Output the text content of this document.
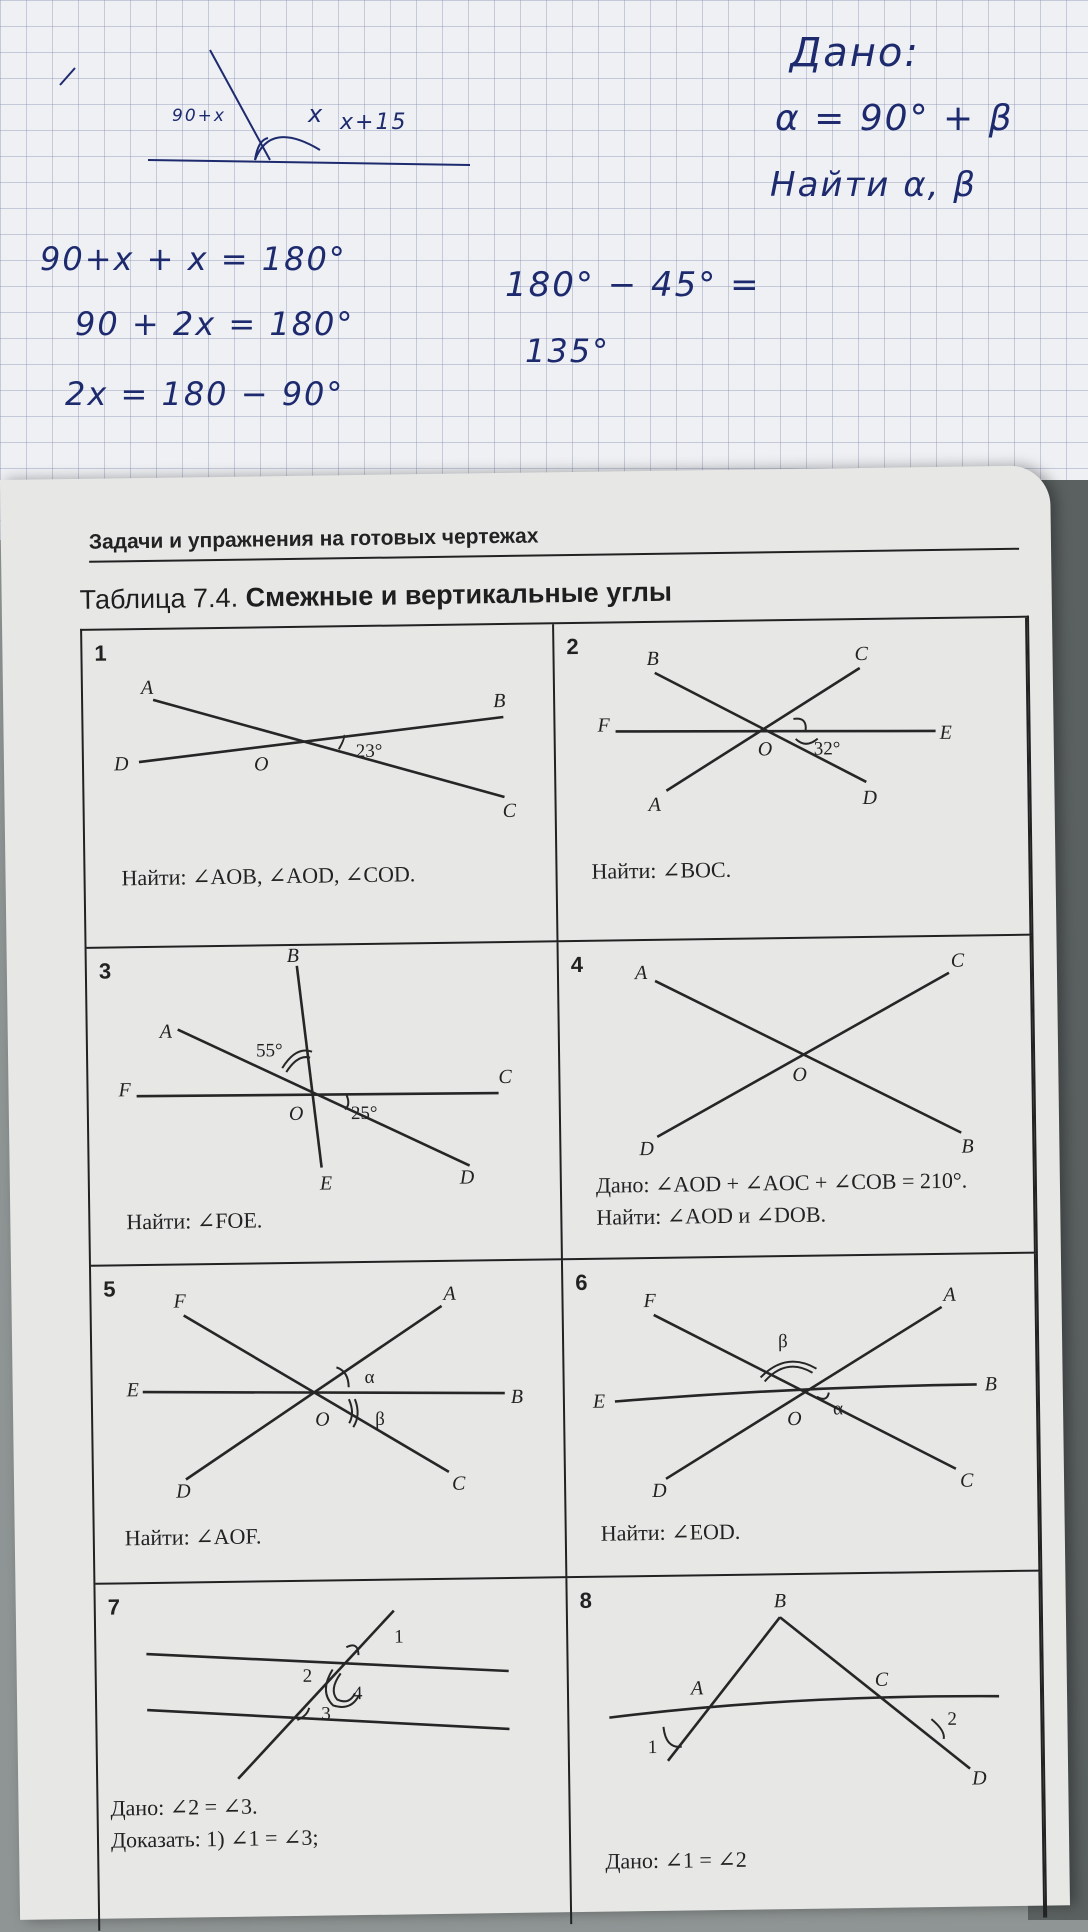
90+x	x x+15
Дано:
α = 90° + β
Найти α, β
90+x + x = 180°
90 + 2x = 180°
2x = 180 − 90°
180° − 45° =
135°
Задачи и упражнения на готовых чертежах
Таблица 7.4. Смежные и вертикальные углы
1
A
B
C
D	O
23°
Найти: ∠AOB, ∠AOD, ∠COD.
2	B	C
F	E
A	D
O 32°
Найти: ∠BOC.
3
B
A
55°
F
C
O 25°
E	D
Найти: ∠FOE.
4	A
C
O
D	B
Дано: ∠AOD + ∠AOC + ∠COB = 210°.
Найти: ∠AOD и ∠DOB.
5	F	A
E	B
α
β
O
D	C
Найти: ∠AOF.
6
F	A
β
E
B
α
O
D	C
Найти: ∠EOD.
7
1
2
4
3
Дано: ∠2 = ∠3.
Доказать: 1) ∠1 = ∠3;
8	B
A	C
D
1
2
Дано: ∠1 = ∠2
